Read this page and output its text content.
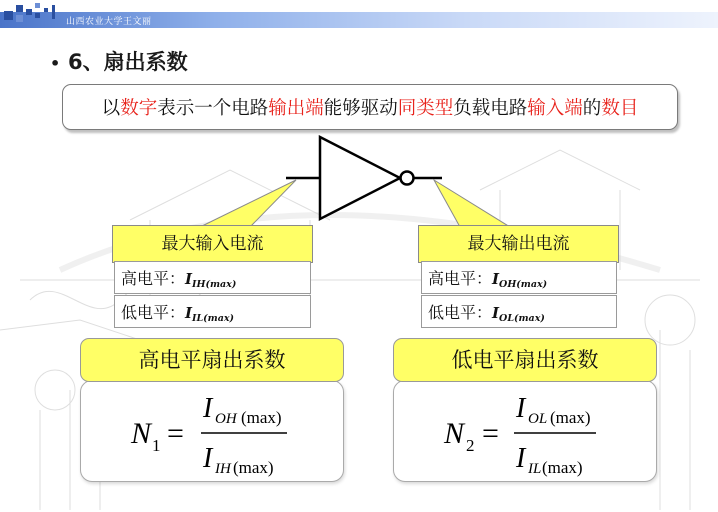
山西农业大学王文丽
• 6、扇出系数
以数字表示一个电路输出端能够驱动同类型负载电路输入端的数目
最大输入电流
高电平：$I_{IH(max)}$
低电平：$I_{IL(max)}$
最大输出电流
高电平：$I_{OH(max)}$
低电平：$I_{OL(max)}$
N 1 =
I OH (max)
I IH (max)
高电平扇出系数
N 2 =
I OL (max)
I IL (max)
低电平扇出系数
